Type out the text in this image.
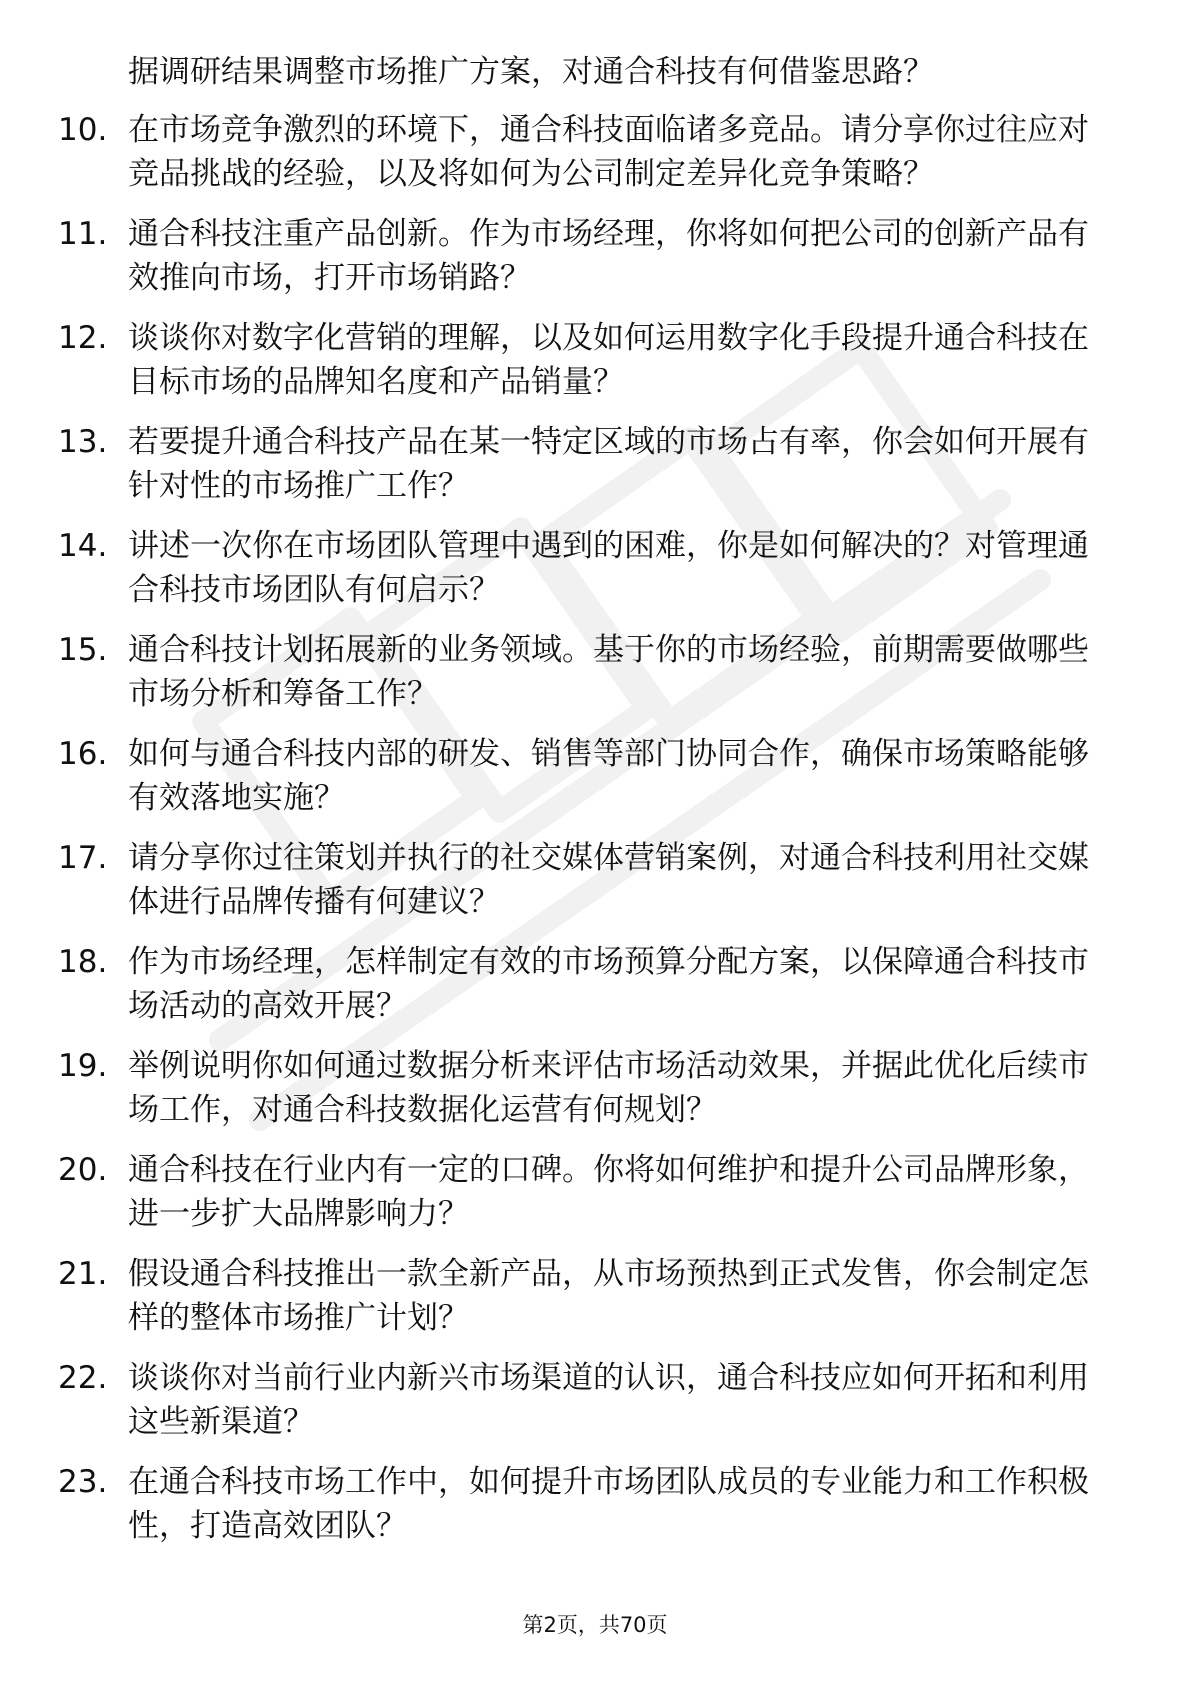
据调研结果调整市场推广方案，对通合科技有何借鉴思路？
10. 在市场竞争激烈的环境下，通合科技面临诸多竞品。请分享你过往应对竞品挑战的经验，以及将如何为公司制定差异化竞争策略？
11. 通合科技注重产品创新。作为市场经理，你将如何把公司的创新产品有效推向市场，打开市场销路？
12. 谈谈你对数字化营销的理解，以及如何运用数字化手段提升通合科技在目标市场的品牌知名度和产品销量？
13. 若要提升通合科技产品在某一特定区域的市场占有率，你会如何开展有针对性的市场推广工作？
14. 讲述一次你在市场团队管理中遇到的困难，你是如何解决的？对管理通合科技市场团队有何启示？
15. 通合科技计划拓展新的业务领域。基于你的市场经验，前期需要做哪些市场分析和筹备工作？
16. 如何与通合科技内部的研发、销售等部门协同合作，确保市场策略能够有效落地实施？
17. 请分享你过往策划并执行的社交媒体营销案例，对通合科技利用社交媒体进行品牌传播有何建议？
18. 作为市场经理，怎样制定有效的市场预算分配方案，以保障通合科技市场活动的高效开展？
19. 举例说明你如何通过数据分析来评估市场活动效果，并据此优化后续市场工作，对通合科技数据化运营有何规划？
20. 通合科技在行业内有一定的口碑。你将如何维护和提升公司品牌形象，进一步扩大品牌影响力？
21. 假设通合科技推出一款全新产品，从市场预热到正式发售，你会制定怎样的整体市场推广计划？
22. 谈谈你对当前行业内新兴市场渠道的认识，通合科技应如何开拓和利用这些新渠道？
23. 在通合科技市场工作中，如何提升市场团队成员的专业能力和工作积极性，打造高效团队？
第2页，共70页
